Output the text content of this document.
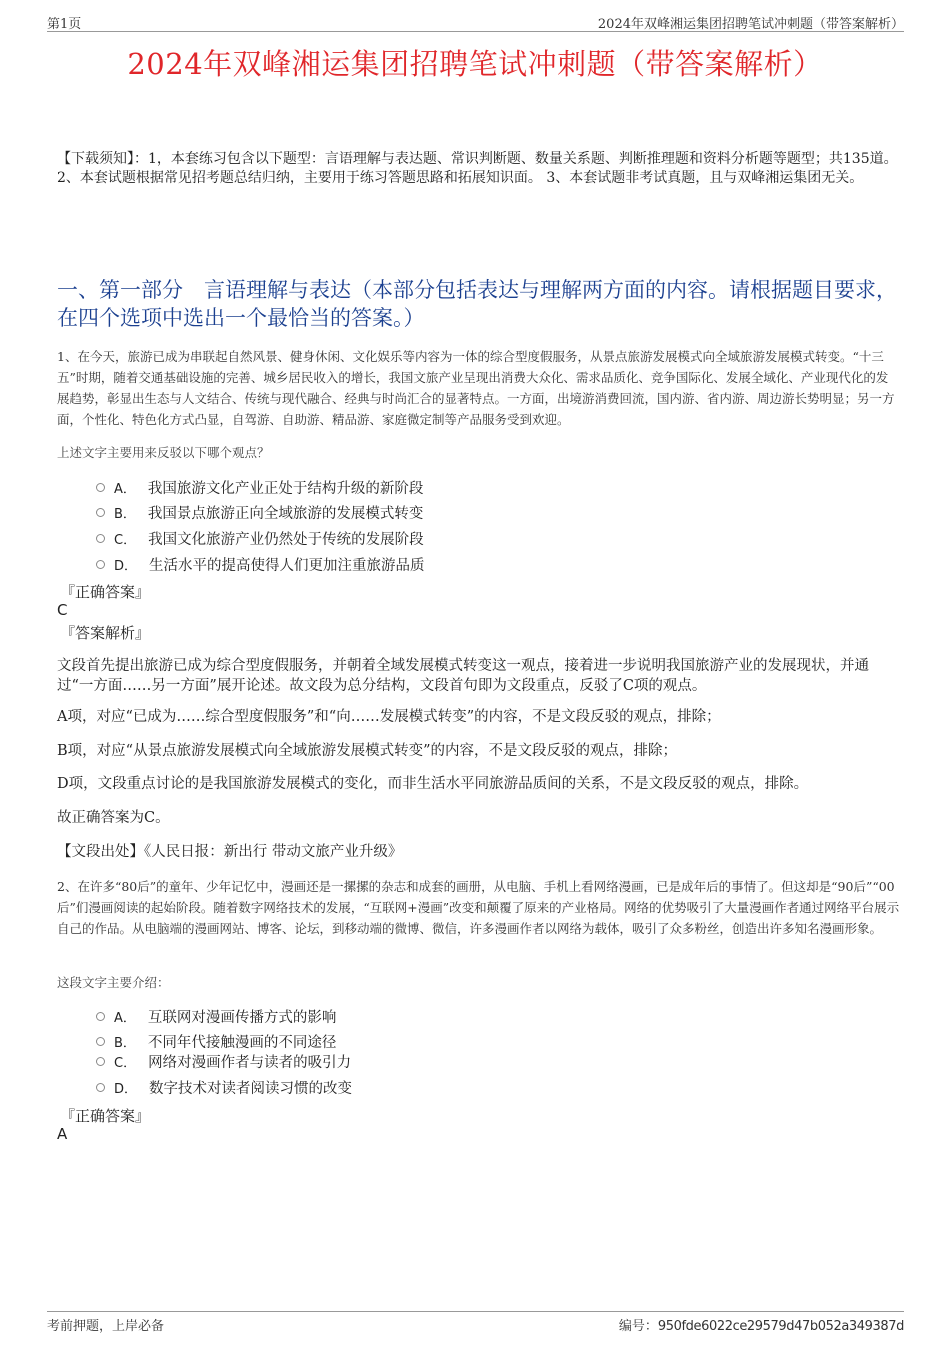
第1页	2024年双峰湘运集团招聘笔试冲刺题（带答案解析）
2024年双峰湘运集团招聘笔试冲刺题（带答案解析）
【下载须知】：1，本套练习包含以下题型：言语理解与表达题、常识判断题、数量关系题、判断推理题和资料分析题等题型；共135道。 2、本套试题根据常见招考题总结归纳，主要用于练习答题思路和拓展知识面。 3、本套试题非考试真题，且与双峰湘运集团无关。
一、第一部分　言语理解与表达（本部分包括表达与理解两方面的内容。请根据题目要求，在四个选项中选出一个最恰当的答案。）
1、在今天，旅游已成为串联起自然风景、健身休闲、文化娱乐等内容为一体的综合型度假服务，从景点旅游发展模式向全域旅游发展模式转变。“十三五”时期，随着交通基础设施的完善、城乡居民收入的增长，我国文旅产业呈现出消费大众化、需求品质化、竞争国际化、发展全域化、产业现代化的发展趋势，彰显出生态与人文结合、传统与现代融合、经典与时尚汇合的显著特点。一方面，出境游消费回流，国内游、省内游、周边游长势明显；另一方面，个性化、特色化方式凸显，自驾游、自助游、精品游、家庭微定制等产品服务受到欢迎。
上述文字主要用来反驳以下哪个观点？
A． 我国旅游文化产业正处于结构升级的新阶段
B． 我国景点旅游正向全域旅游的发展模式转变
C． 我国文化旅游产业仍然处于传统的发展阶段
D． 生活水平的提高使得人们更加注重旅游品质
『正确答案』
C
『答案解析』
文段首先提出旅游已成为综合型度假服务，并朝着全域发展模式转变这一观点，接着进一步说明我国旅游产业的发展现状，并通过“一方面……另一方面”展开论述。故文段为总分结构，文段首句即为文段重点，反驳了C项的观点。
A项，对应“已成为……综合型度假服务”和“向……发展模式转变”的内容，不是文段反驳的观点，排除；
B项，对应“从景点旅游发展模式向全域旅游发展模式转变”的内容，不是文段反驳的观点，排除；
D项，文段重点讨论的是我国旅游发展模式的变化，而非生活水平同旅游品质间的关系，不是文段反驳的观点，排除。
故正确答案为C。
【文段出处】《人民日报：新出行 带动文旅产业升级》
2、在许多“80后”的童年、少年记忆中，漫画还是一摞摞的杂志和成套的画册，从电脑、手机上看网络漫画，已是成年后的事情了。但这却是“90后”“00后”们漫画阅读的起始阶段。随着数字网络技术的发展，“互联网+漫画”改变和颠覆了原来的产业格局。网络的优势吸引了大量漫画作者通过网络平台展示自己的作品。从电脑端的漫画网站、博客、论坛，到移动端的微博、微信，许多漫画作者以网络为载体，吸引了众多粉丝，创造出许多知名漫画形象。
这段文字主要介绍：
A． 互联网对漫画传播方式的影响
B． 不同年代接触漫画的不同途径
C． 网络对漫画作者与读者的吸引力
D． 数字技术对读者阅读习惯的改变
『正确答案』
A
考前押题，上岸必备	编号：950fde6022ce29579d47b052a349387d
